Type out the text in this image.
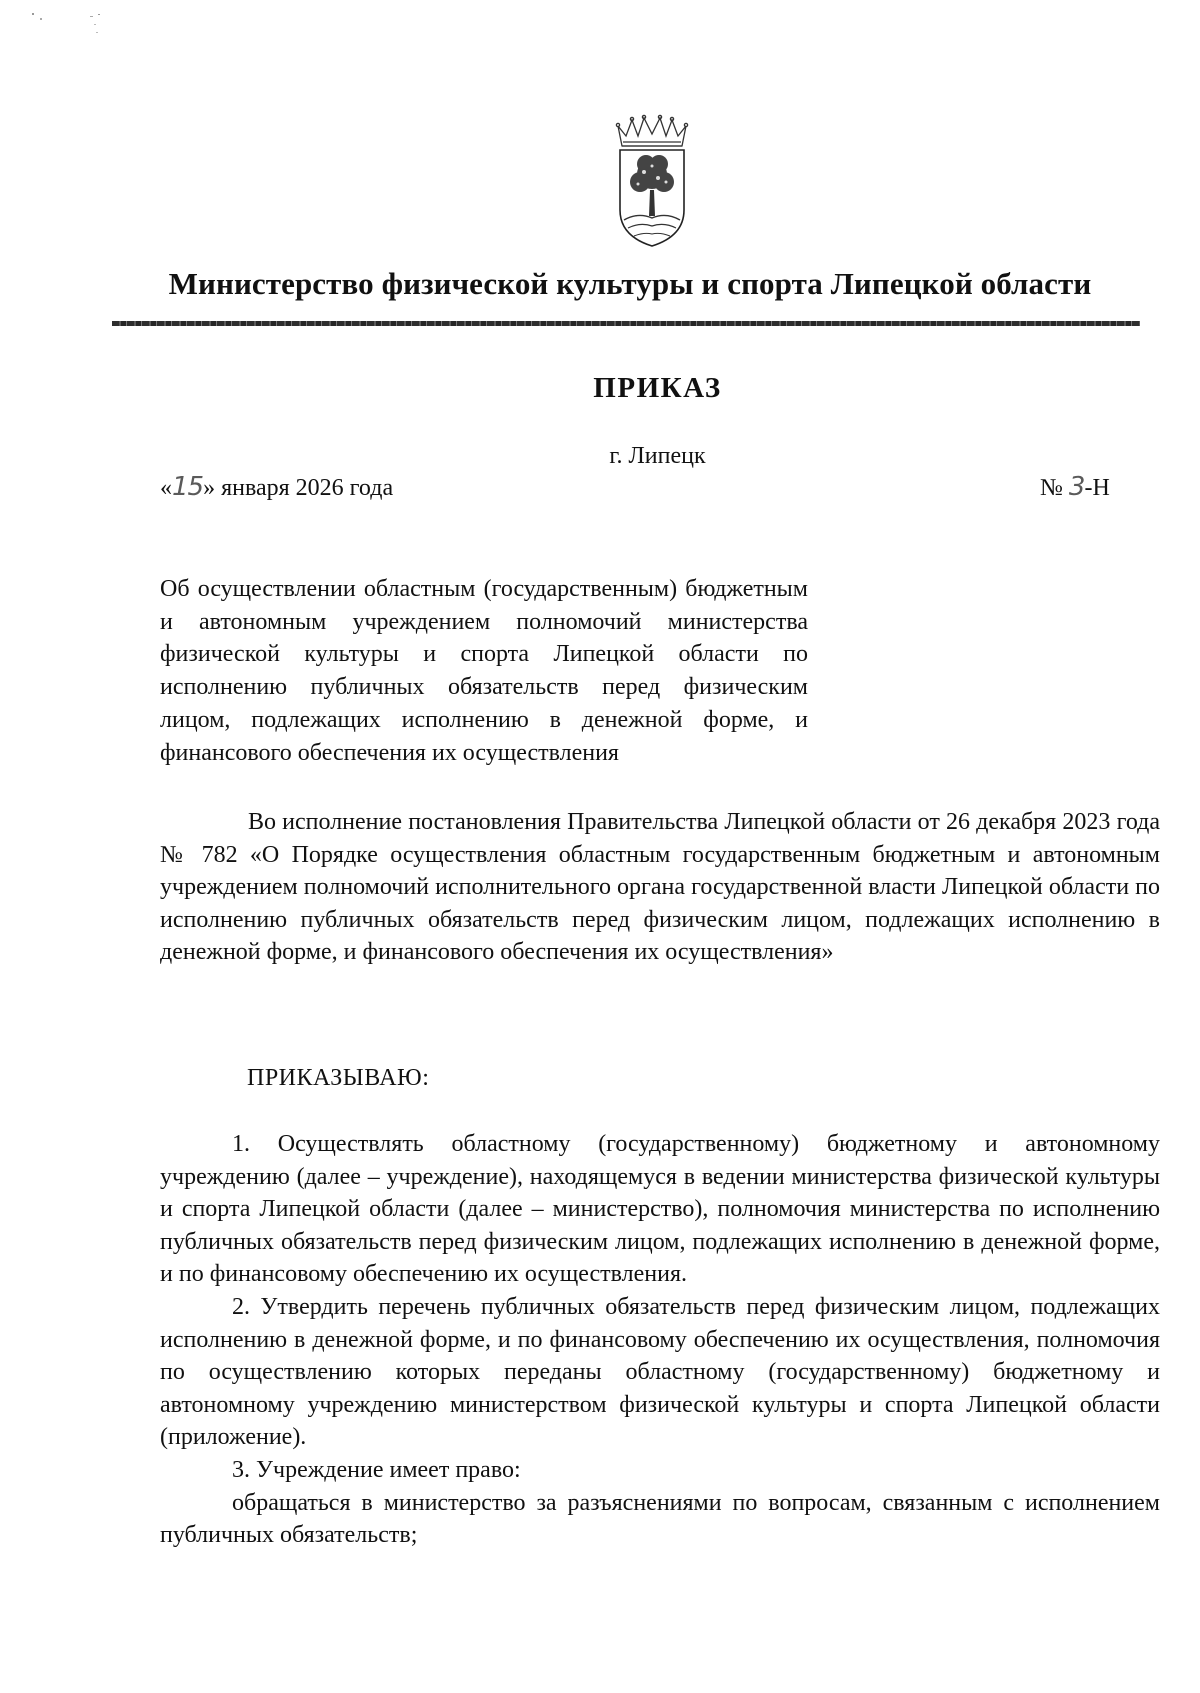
Министерство физической культуры и спорта Липецкой области
ПРИКАЗ
г. Липецк
«15» января 2026 года	№ 3-Н
Об осуществлении областным (государственным) бюджетным и автономным учреждением полномочий министерства физической культуры и спорта Липецкой области по исполнению публичных обязательств перед физическим лицом, подлежащих исполнению в денежной форме, и финансового обеспечения их осуществления
Во исполнение постановления Правительства Липецкой области от 26 декабря 2023 года № 782 «О Порядке осуществления областным государственным бюджетным и автономным учреждением полномочий исполнительного органа государственной власти Липецкой области по исполнению публичных обязательств перед физическим лицом, подлежащих исполнению в денежной форме, и финансового обеспечения их осуществления»
ПРИКАЗЫВАЮ:

1. Осуществлять областному (государственному) бюджетному и автономному учреждению (далее – учреждение), находящемуся в ведении министерства физической культуры и спорта Липецкой области (далее – министерство), полномочия министерства по исполнению публичных обязательств перед физическим лицом, подлежащих исполнению в денежной форме, и по финансовому обеспечению их осуществления.

2. Утвердить перечень публичных обязательств перед физическим лицом, подлежащих исполнению в денежной форме, и по финансовому обеспечению их осуществления, полномочия по осуществлению которых переданы областному (государственному) бюджетному и автономному учреждению министерством физической культуры и спорта Липецкой области (приложение).

3. Учреждение имеет право:

обращаться в министерство за разъяснениями по вопросам, связанным с исполнением публичных обязательств;
